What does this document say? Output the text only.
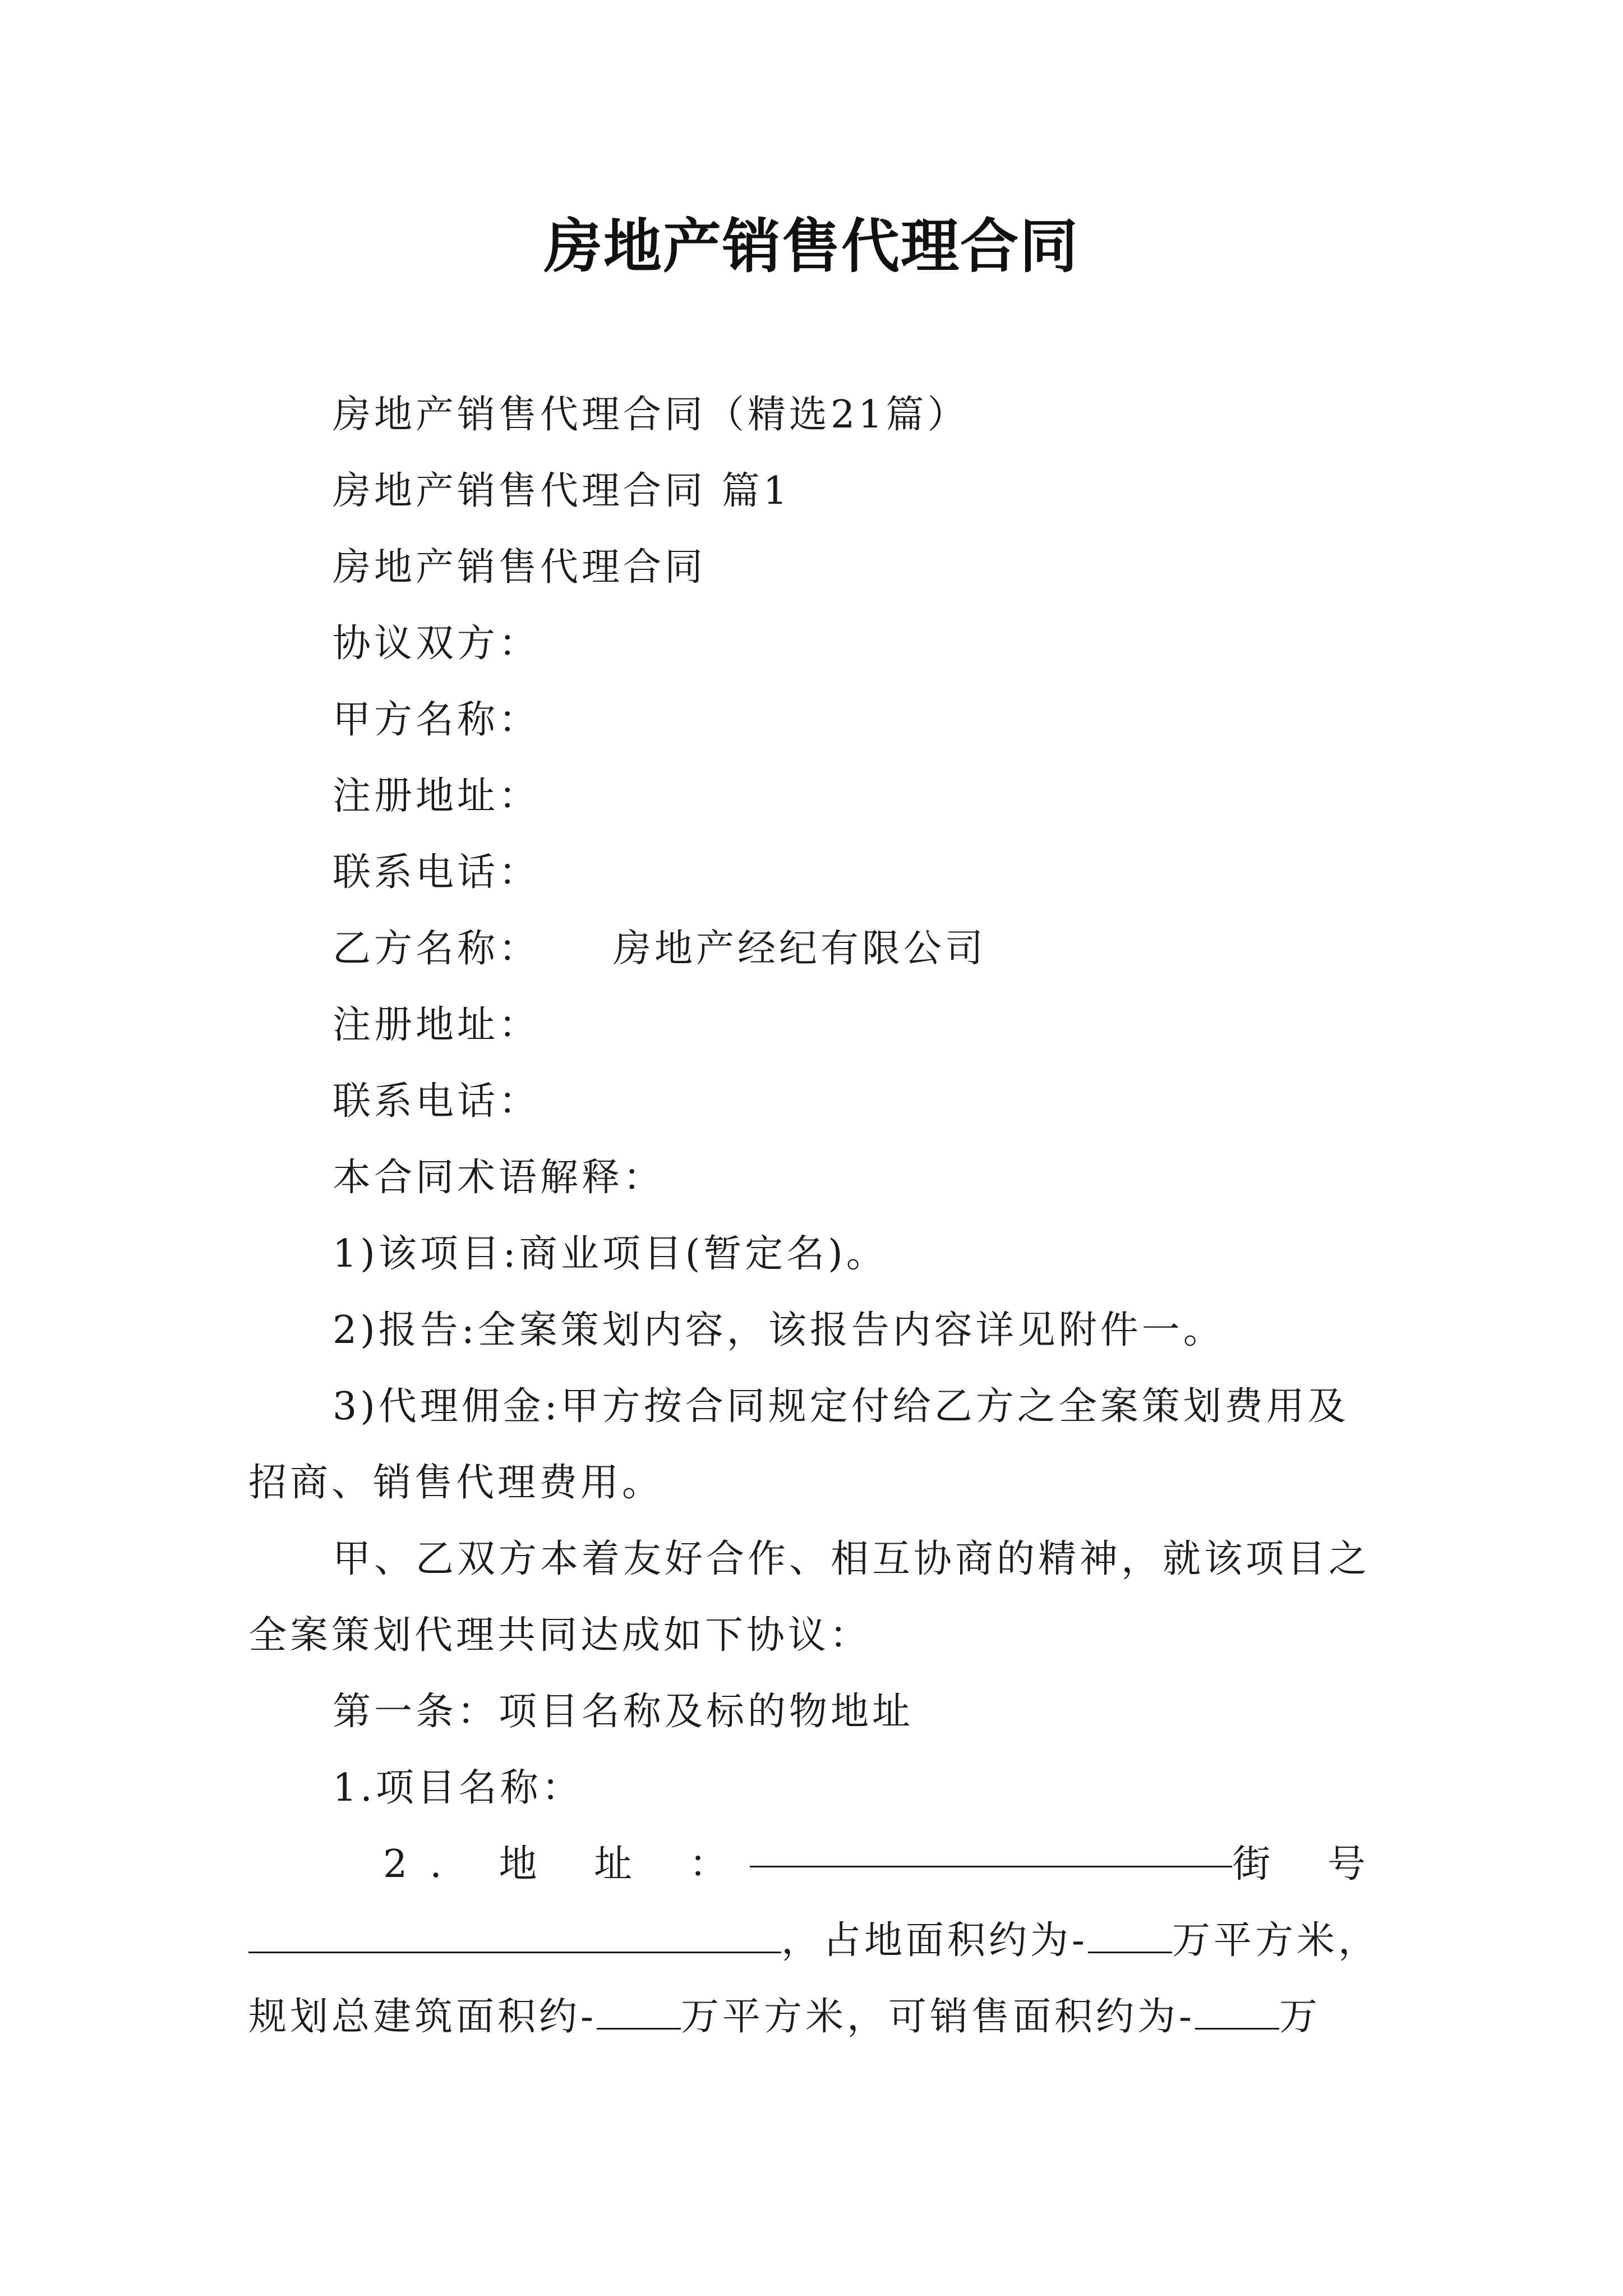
房地产销售代理合同
房地产销售代理合同（精选21篇）
房地产销售代理合同 篇1
房地产销售代理合同
协议双方：
甲方名称：
注册地址：
联系电话：
乙方名称： 房地产经纪有限公司
注册地址：
联系电话：
本合同术语解释：
1)该项目:商业项目(暂定名)。
2)报告:全案策划内容，该报告内容详见附件一。
3)代理佣金:甲方按合同规定付给乙方之全案策划费用及招商、销售代理费用。
甲、乙双方本着友好合作、相互协商的精神，就该项目之全案策划代理共同达成如下协议：
第一条：项目名称及标的物地址
1.项目名称：
2. 地 址 ：	街 号
，占地面积约为- 万平方米，
规划总建筑面积约- 万平方米，可销售面积约为- 万
